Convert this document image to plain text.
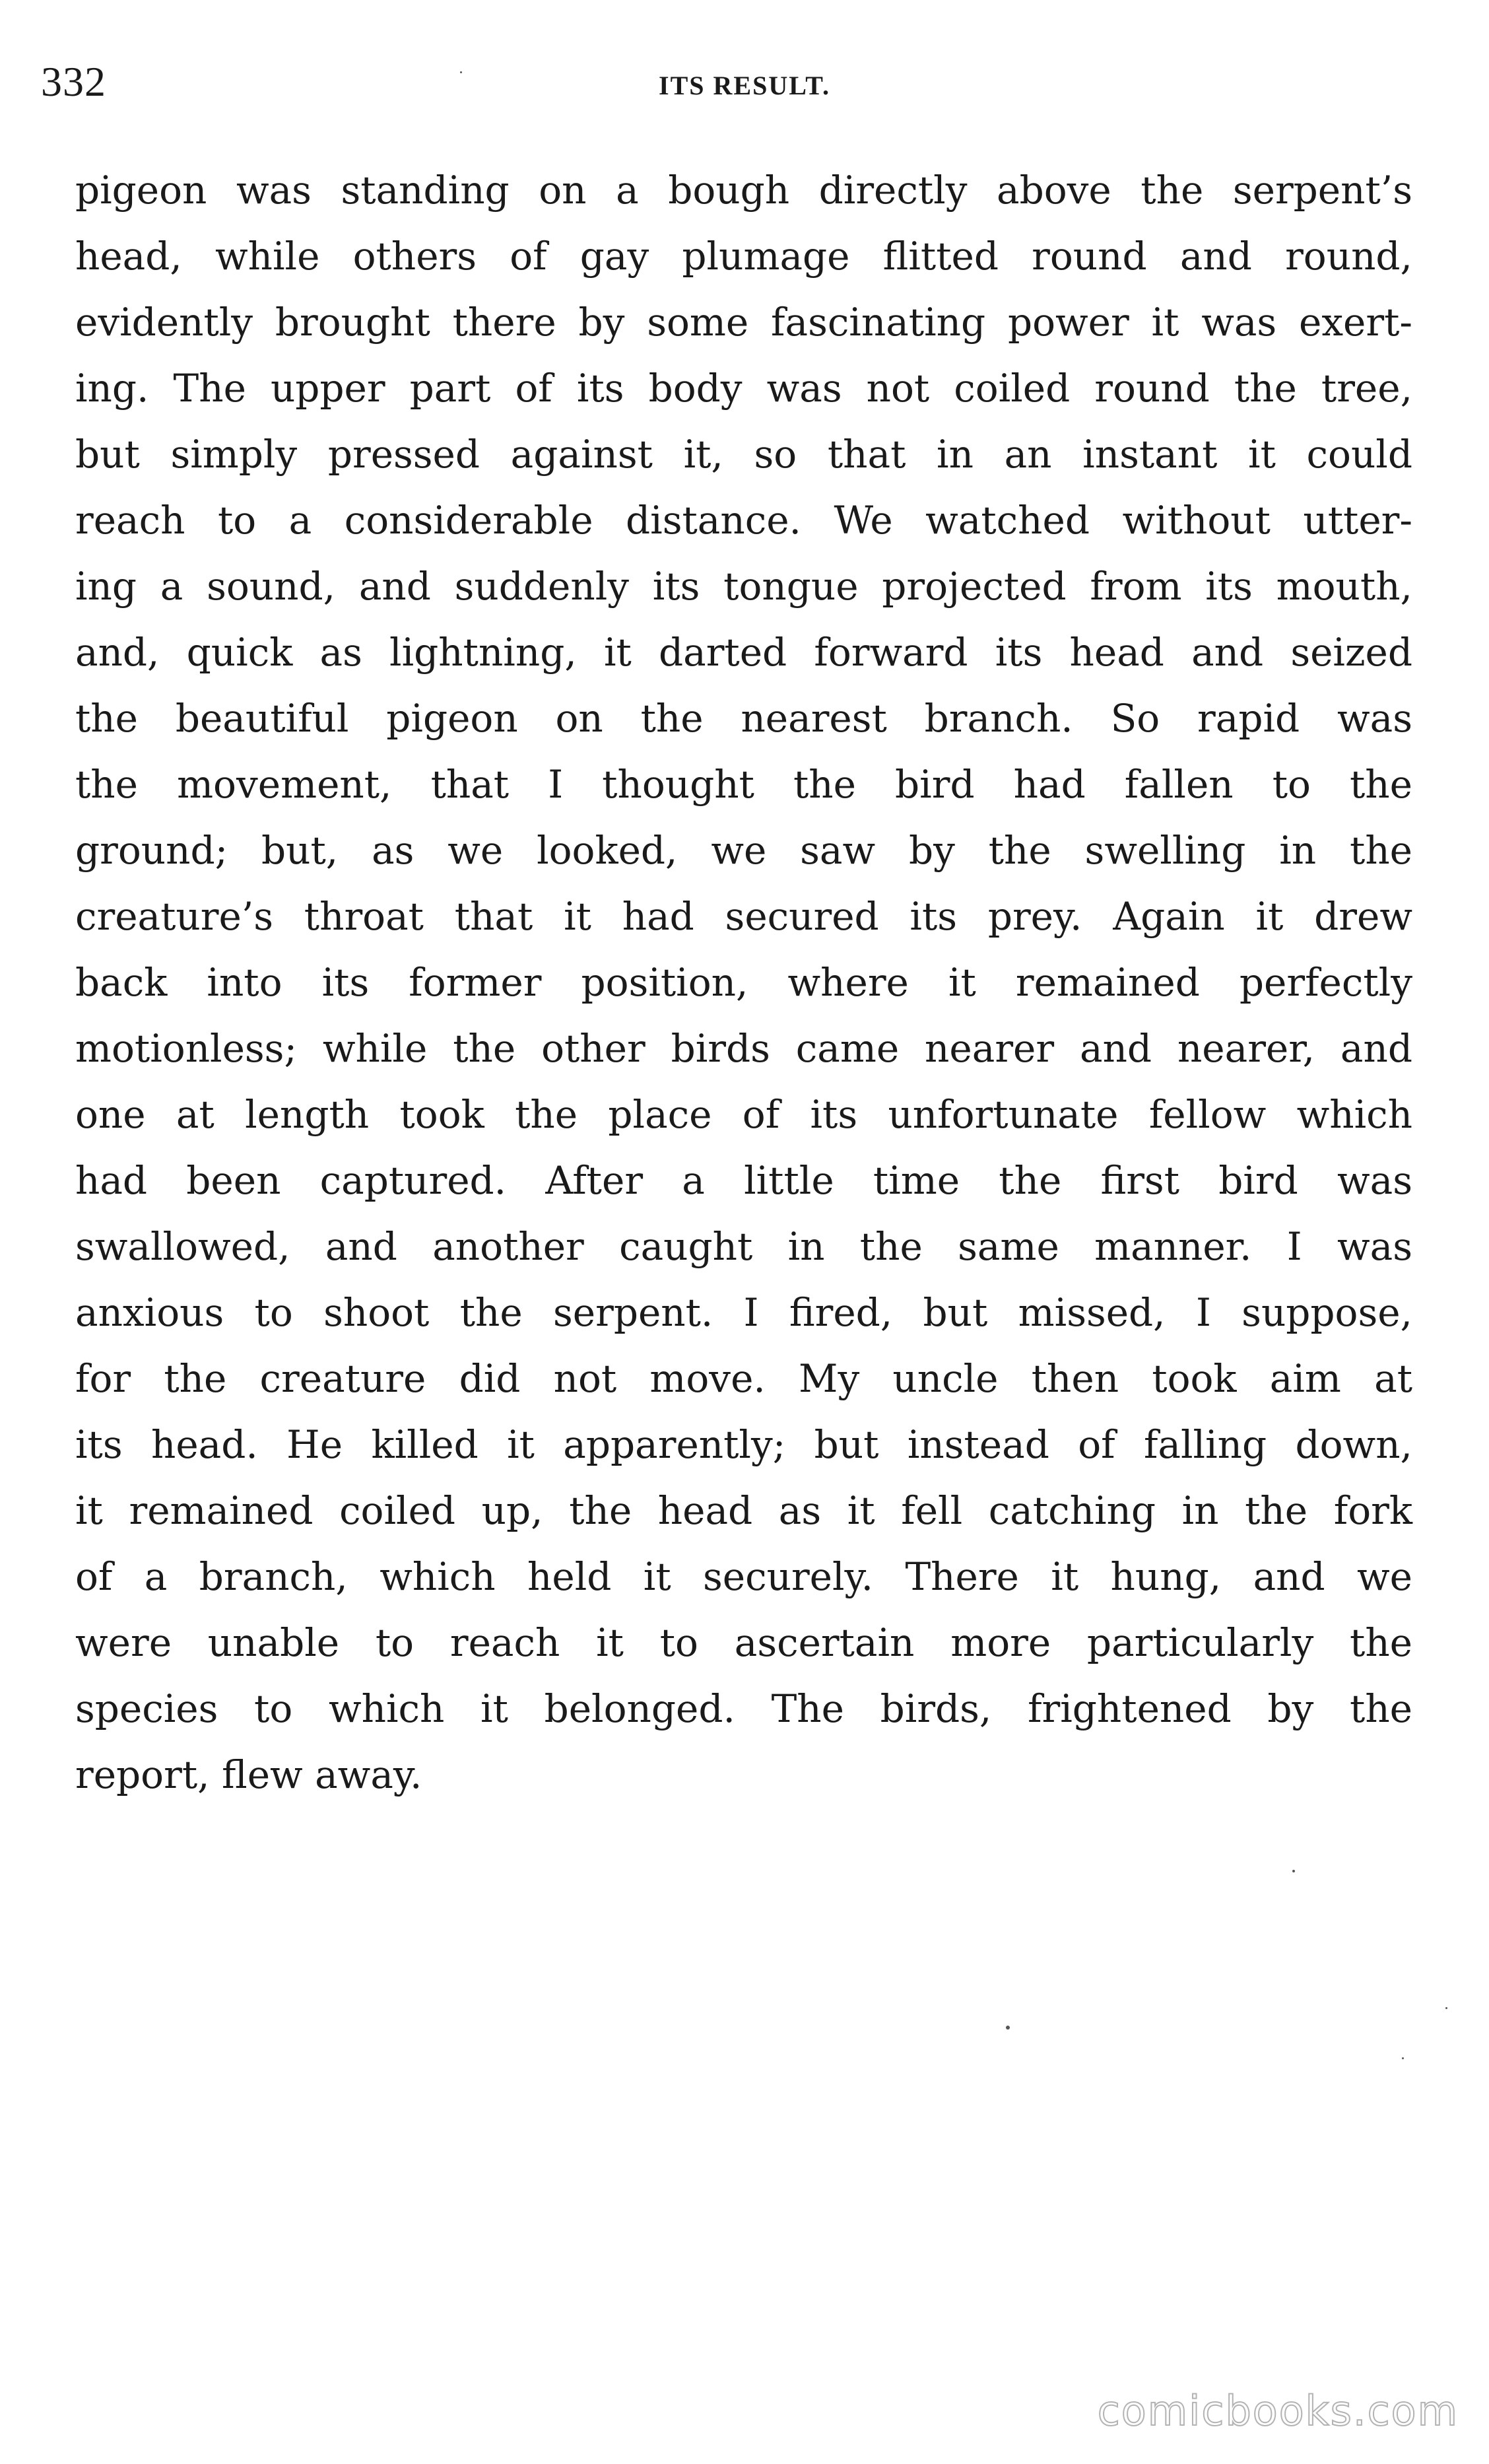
332	ITS RESULT.
pigeon was standing on a bough directly above the serpent’s
head, while others of gay plumage flitted round and round,
evidently brought there by some fascinating power it was exert-
ing. The upper part of its body was not coiled round the tree,
but simply pressed against it, so that in an instant it could
reach to a considerable distance. We watched without utter-
ing a sound, and suddenly its tongue projected from its mouth,
and, quick as lightning, it darted forward its head and seized
the beautiful pigeon on the nearest branch. So rapid was
the movement, that I thought the bird had fallen to the
ground; but, as we looked, we saw by the swelling in the
creature’s throat that it had secured its prey. Again it drew
back into its former position, where it remained perfectly
motionless; while the other birds came nearer and nearer, and
one at length took the place of its unfortunate fellow which
had been captured. After a little time the first bird was
swallowed, and another caught in the same manner. I was
anxious to shoot the serpent. I fired, but missed, I suppose,
for the creature did not move. My uncle then took aim at
its head. He killed it apparently; but instead of falling down,
it remained coiled up, the head as it fell catching in the fork
of a branch, which held it securely. There it hung, and we
were unable to reach it to ascertain more particularly the
species to which it belonged. The birds, frightened by the
report, flew away.
comicbooks.com
